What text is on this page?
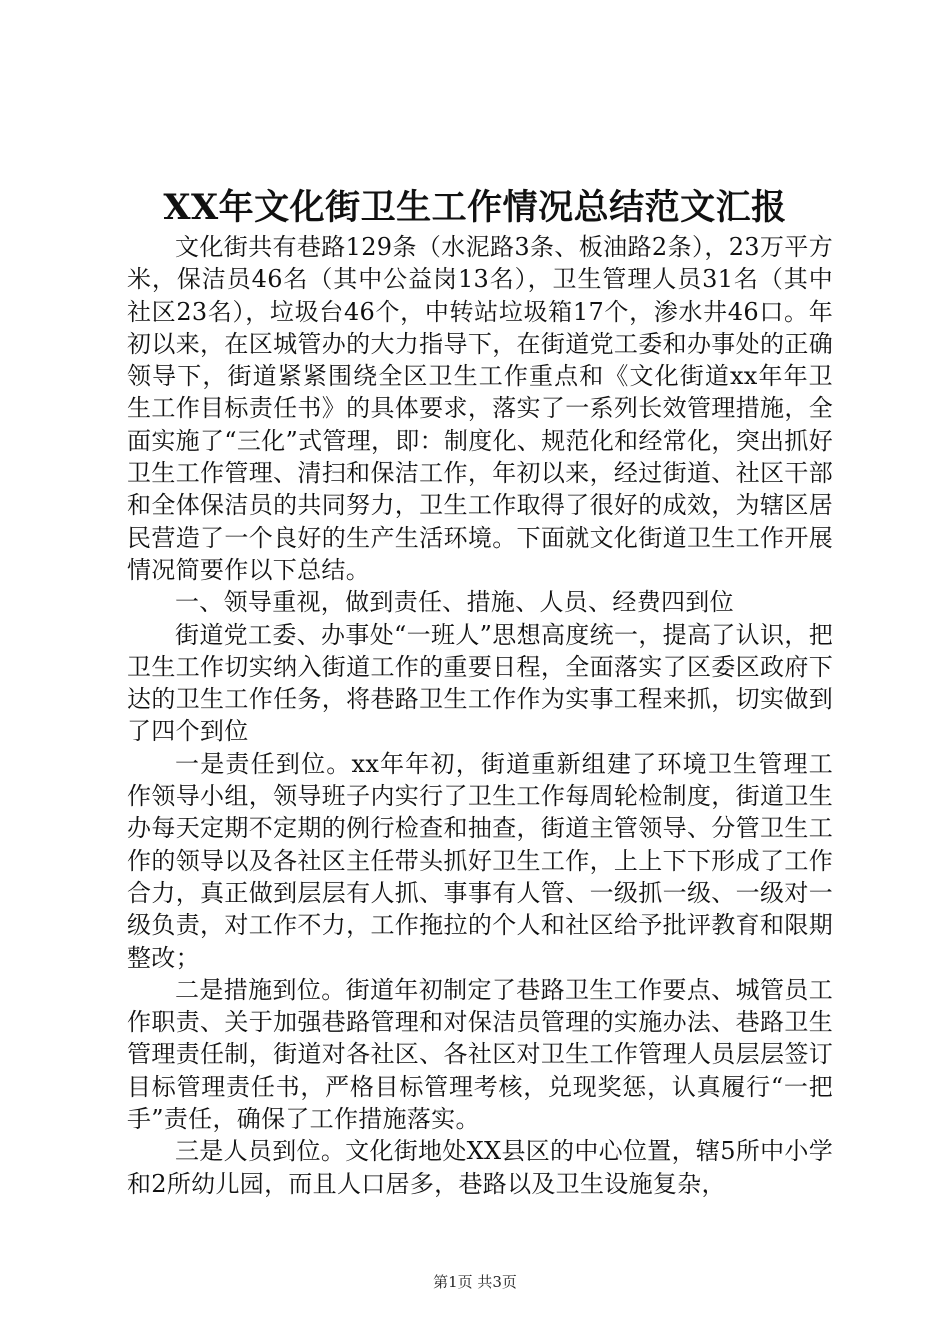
XX年文化街卫生工作情况总结范文汇报

文化街共有巷路129条（水泥路3条、板油路2条），23万平方米，保洁员46名（其中公益岗13名），卫生管理人员31名（其中社区23名），垃圾台46个，中转站垃圾箱17个，渗水井46口。年初以来，在区城管办的大力指导下，在街道党工委和办事处的正确领导下，街道紧紧围绕全区卫生工作重点和《文化街道xx年年卫生工作目标责任书》的具体要求，落实了一系列长效管理措施，全面实施了“三化”式管理，即：制度化、规范化和经常化，突出抓好卫生工作管理、清扫和保洁工作，年初以来，经过街道、社区干部和全体保洁员的共同努力，卫生工作取得了很好的成效，为辖区居民营造了一个良好的生产生活环境。下面就文化街道卫生工作开展情况简要作以下总结。

一、领导重视，做到责任、措施、人员、经费四到位

街道党工委、办事处“一班人”思想高度统一，提高了认识，把卫生工作切实纳入街道工作的重要日程，全面落实了区委区政府下达的卫生工作任务，将巷路卫生工作作为实事工程来抓，切实做到了四个到位

一是责任到位。xx年年初，街道重新组建了环境卫生管理工作领导小组，领导班子内实行了卫生工作每周轮检制度，街道卫生办每天定期不定期的例行检查和抽查，街道主管领导、分管卫生工作的领导以及各社区主任带头抓好卫生工作，上上下下形成了工作合力，真正做到层层有人抓、事事有人管、一级抓一级、一级对一级负责，对工作不力，工作拖拉的个人和社区给予批评教育和限期整改；

二是措施到位。街道年初制定了巷路卫生工作要点、城管员工作职责、关于加强巷路管理和对保洁员管理的实施办法、巷路卫生管理责任制，街道对各社区、各社区对卫生工作管理人员层层签订目标管理责任书，严格目标管理考核，兑现奖惩，认真履行“一把手”责任，确保了工作措施落实。

三是人员到位。文化街地处XX县区的中心位置，辖5所中小学和2所幼儿园，而且人口居多，巷路以及卫生设施复杂，

第1页 共3页
